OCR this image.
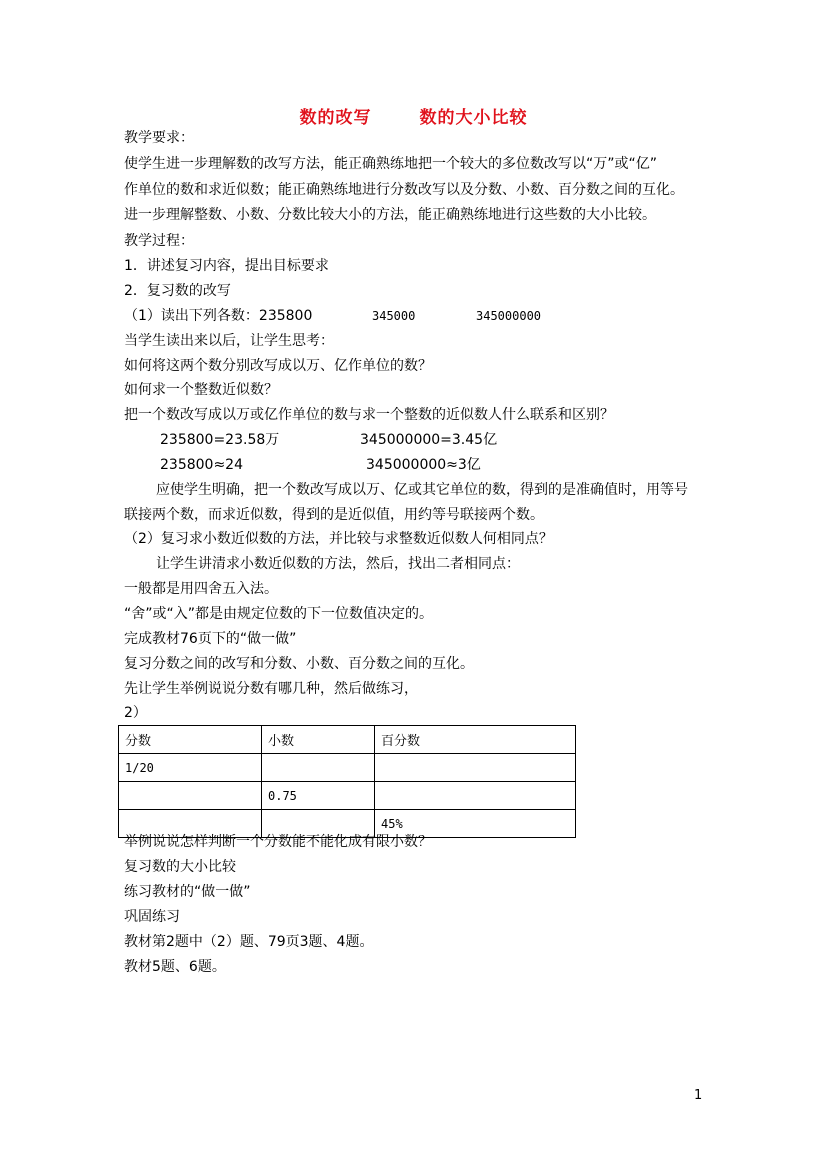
数的改写	数的大小比较
教学要求：
使学生进一步理解数的改写方法，能正确熟练地把一个较大的多位数改写以“万”或“亿”
作单位的数和求近似数；能正确熟练地进行分数改写以及分数、小数、百分数之间的互化。
进一步理解整数、小数、分数比较大小的方法，能正确熟练地进行这些数的大小比较。
教学过程：
1．讲述复习内容，提出目标要求
2．复习数的改写
（1）读出下列各数：235800	345000	345000000
当学生读出来以后，让学生思考：
如何将这两个数分别改写成以万、亿作单位的数？
如何求一个整数近似数？
把一个数改写成以万或亿作单位的数与求一个整数的近似数人什么联系和区别？
235800=23.58万	345000000=3.45亿
235800≈24	345000000≈3亿
应使学生明确，把一个数改写成以万、亿或其它单位的数，得到的是准确值时，用等号
联接两个数，而求近似数，得到的是近似值，用约等号联接两个数。
（2）复习求小数近似数的方法，并比较与求整数近似数人何相同点？
让学生讲清求小数近似数的方法，然后，找出二者相同点：
一般都是用四舍五入法。
“舍”或“入”都是由规定位数的下一位数值决定的。
完成教材76页下的“做一做”
复习分数之间的改写和分数、小数、百分数之间的互化。
先让学生举例说说分数有哪几种，然后做练习，
2）
分数	小数	百分数
1/20		
	0.75	
		45%
举例说说怎样判断一个分数能不能化成有限小数？
复习数的大小比较
练习教材的“做一做”
巩固练习
教材第2题中（2）题、79页3题、4题。
教材5题、6题。
1
